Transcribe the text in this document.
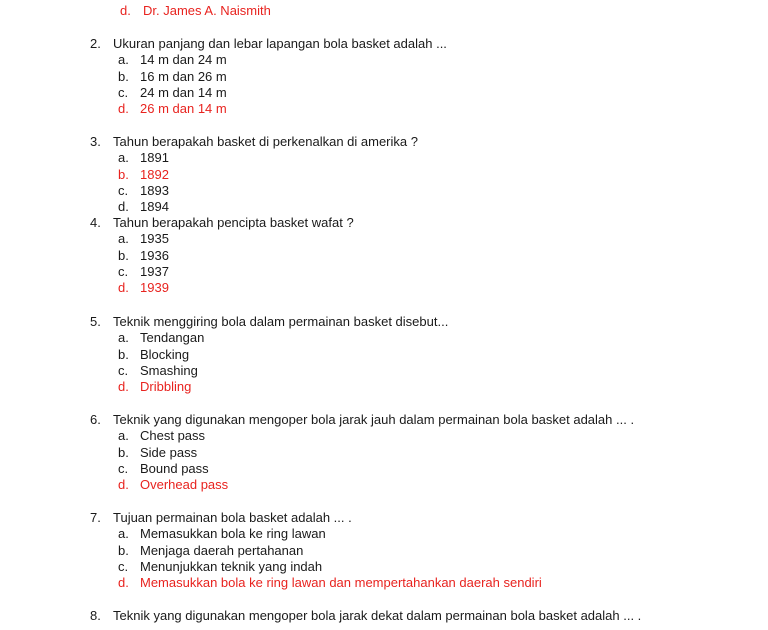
d. Dr. James A. Naismith
2. Ukuran panjang dan lebar lapangan bola basket adalah ...
a. 14 m dan 24 m
b. 16 m dan 26 m
c. 24 m dan 14 m
d. 26 m dan 14 m
3. Tahun berapakah basket di perkenalkan di amerika ?
a. 1891
b. 1892
c. 1893
d. 1894
4. Tahun berapakah pencipta basket wafat ?
a. 1935
b. 1936
c. 1937
d. 1939
5. Teknik menggiring bola dalam permainan basket disebut...
a. Tendangan
b. Blocking
c. Smashing
d. Dribbling
6. Teknik yang digunakan mengoper bola jarak jauh dalam permainan bola basket adalah ... .
a. Chest pass
b. Side pass
c. Bound pass
d. Overhead pass
7. Tujuan permainan bola basket adalah ... .
a. Memasukkan bola ke ring lawan
b. Menjaga daerah pertahanan
c. Menunjukkan teknik yang indah
d. Memasukkan bola ke ring lawan dan mempertahankan daerah sendiri
8. Teknik yang digunakan mengoper bola jarak dekat dalam permainan bola basket adalah ... .
